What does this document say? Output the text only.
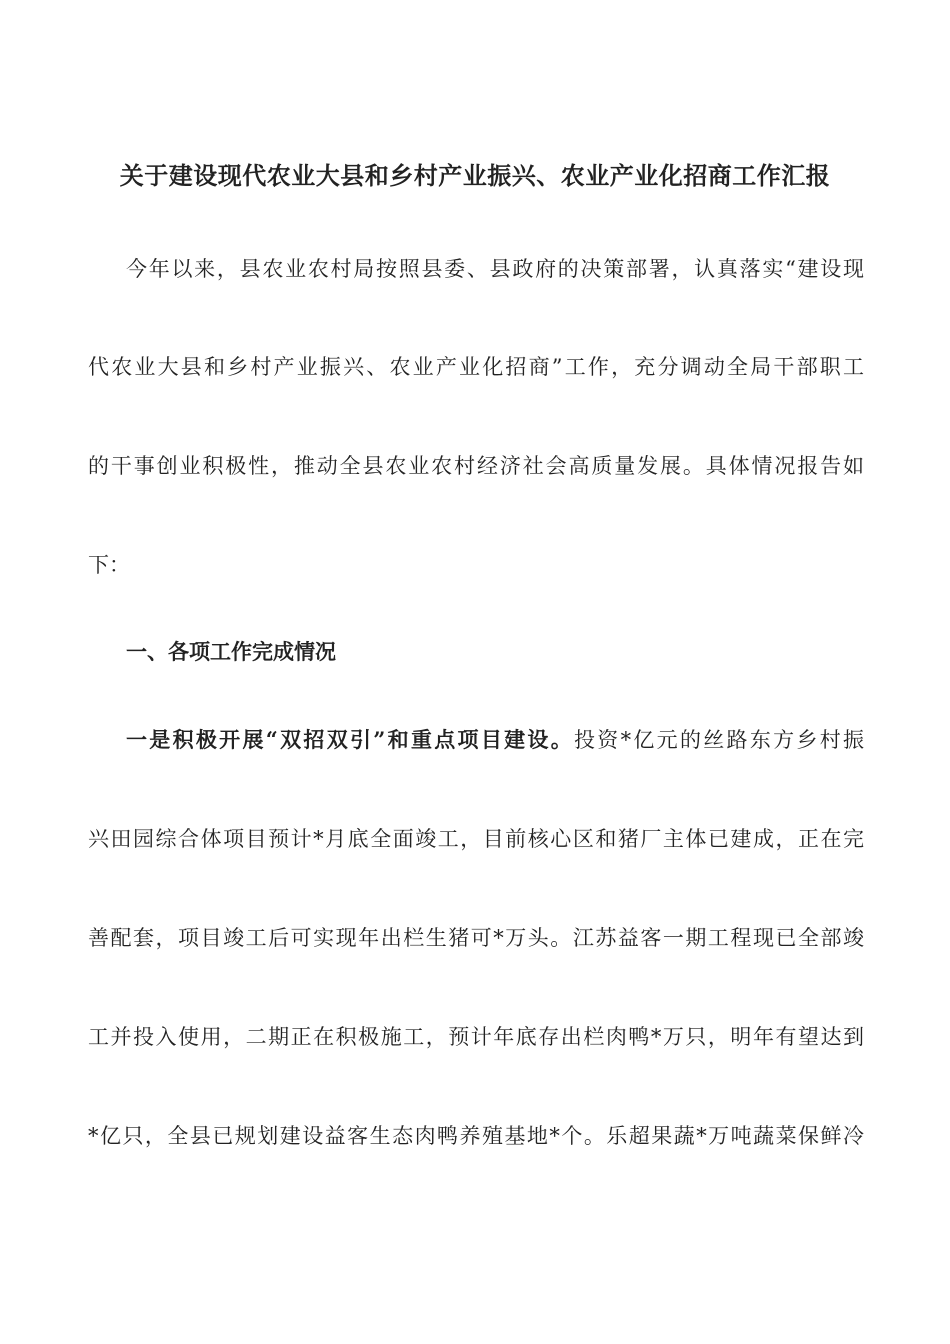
关于建设现代农业大县和乡村产业振兴、农业产业化招商工作汇报
今年以来，县农业农村局按照县委、县政府的决策部署，认真落实“建设现
代农业大县和乡村产业振兴、农业产业化招商”工作，充分调动全局干部职工
的干事创业积极性，推动全县农业农村经济社会高质量发展。具体情况报告如
下：
一、各项工作完成情况
一是积极开展“双招双引”和重点项目建设。投资*亿元的丝路东方乡村振
兴田园综合体项目预计*月底全面竣工，目前核心区和猪厂主体已建成，正在完
善配套，项目竣工后可实现年出栏生猪可*万头。江苏益客一期工程现已全部竣
工并投入使用，二期正在积极施工，预计年底存出栏肉鸭*万只，明年有望达到
*亿只，全县已规划建设益客生态肉鸭养殖基地*个。乐超果蔬*万吨蔬菜保鲜冷
